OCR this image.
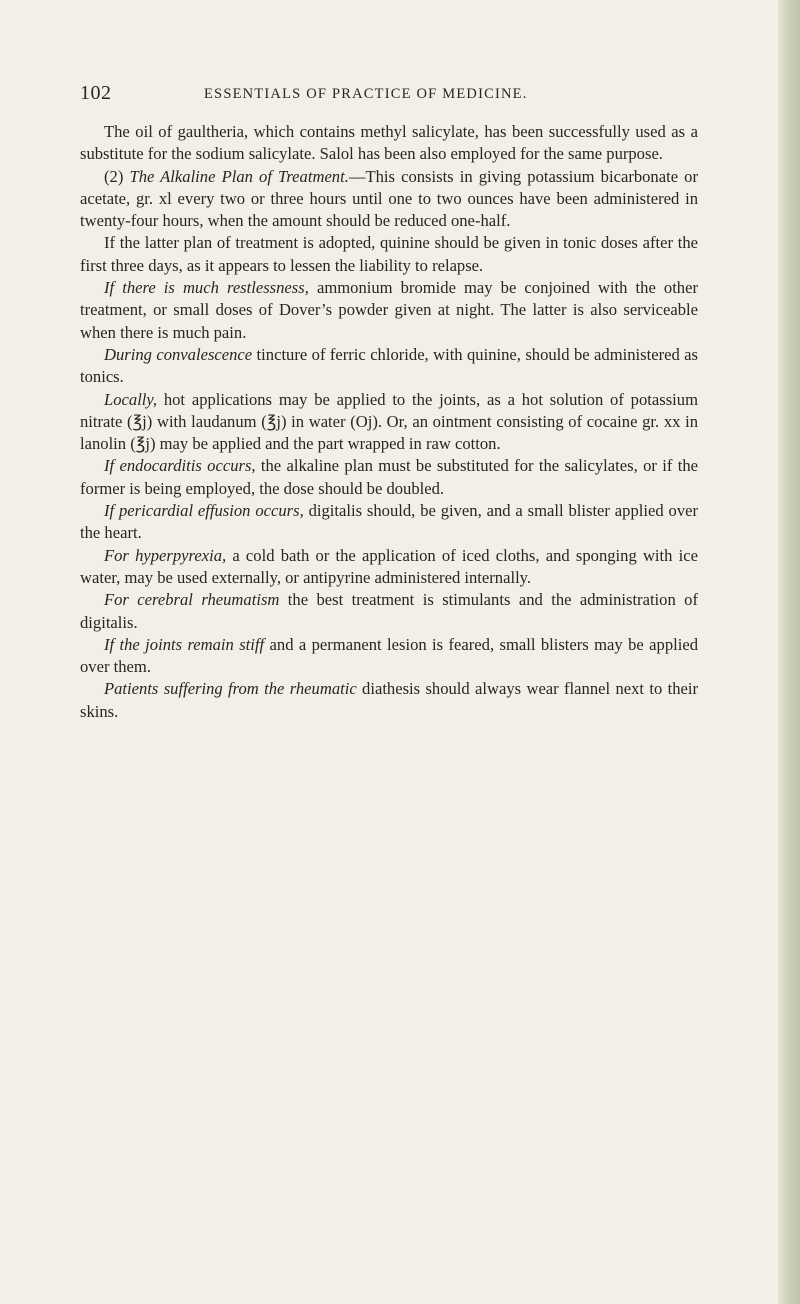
102	ESSENTIALS OF PRACTICE OF MEDICINE.

The oil of gaultheria, which contains methyl salicylate, has been successfully used as a substitute for the sodium salicylate. Salol has been also employed for the same purpose.

(2) The Alkaline Plan of Treatment.—This consists in giving potassium bicarbonate or acetate, gr. xl every two or three hours until one to two ounces have been administered in twenty-four hours, when the amount should be reduced one-half.

If the latter plan of treatment is adopted, quinine should be given in tonic doses after the first three days, as it appears to lessen the liability to relapse.

If there is much restlessness, ammonium bromide may be conjoined with the other treatment, or small doses of Dover’s powder given at night. The latter is also serviceable when there is much pain.

During convalescence tincture of ferric chloride, with quinine, should be administered as tonics.

Locally, hot applications may be applied to the joints, as a hot solution of potassium nitrate (℥j) with laudanum (℥j) in water (Oj). Or, an ointment consisting of cocaine gr. xx in lanolin (℥j) may be applied and the part wrapped in raw cotton.

If endocarditis occurs, the alkaline plan must be substituted for the salicylates, or if the former is being employed, the dose should be doubled.

If pericardial effusion occurs, digitalis should, be given, and a small blister applied over the heart.

For hyperpyrexia, a cold bath or the application of iced cloths, and sponging with ice water, may be used externally, or antipyrine administered internally.

For cerebral rheumatism the best treatment is stimulants and the administration of digitalis.

If the joints remain stiff and a permanent lesion is feared, small blisters may be applied over them.

Patients suffering from the rheumatic diathesis should always wear flannel next to their skins.
